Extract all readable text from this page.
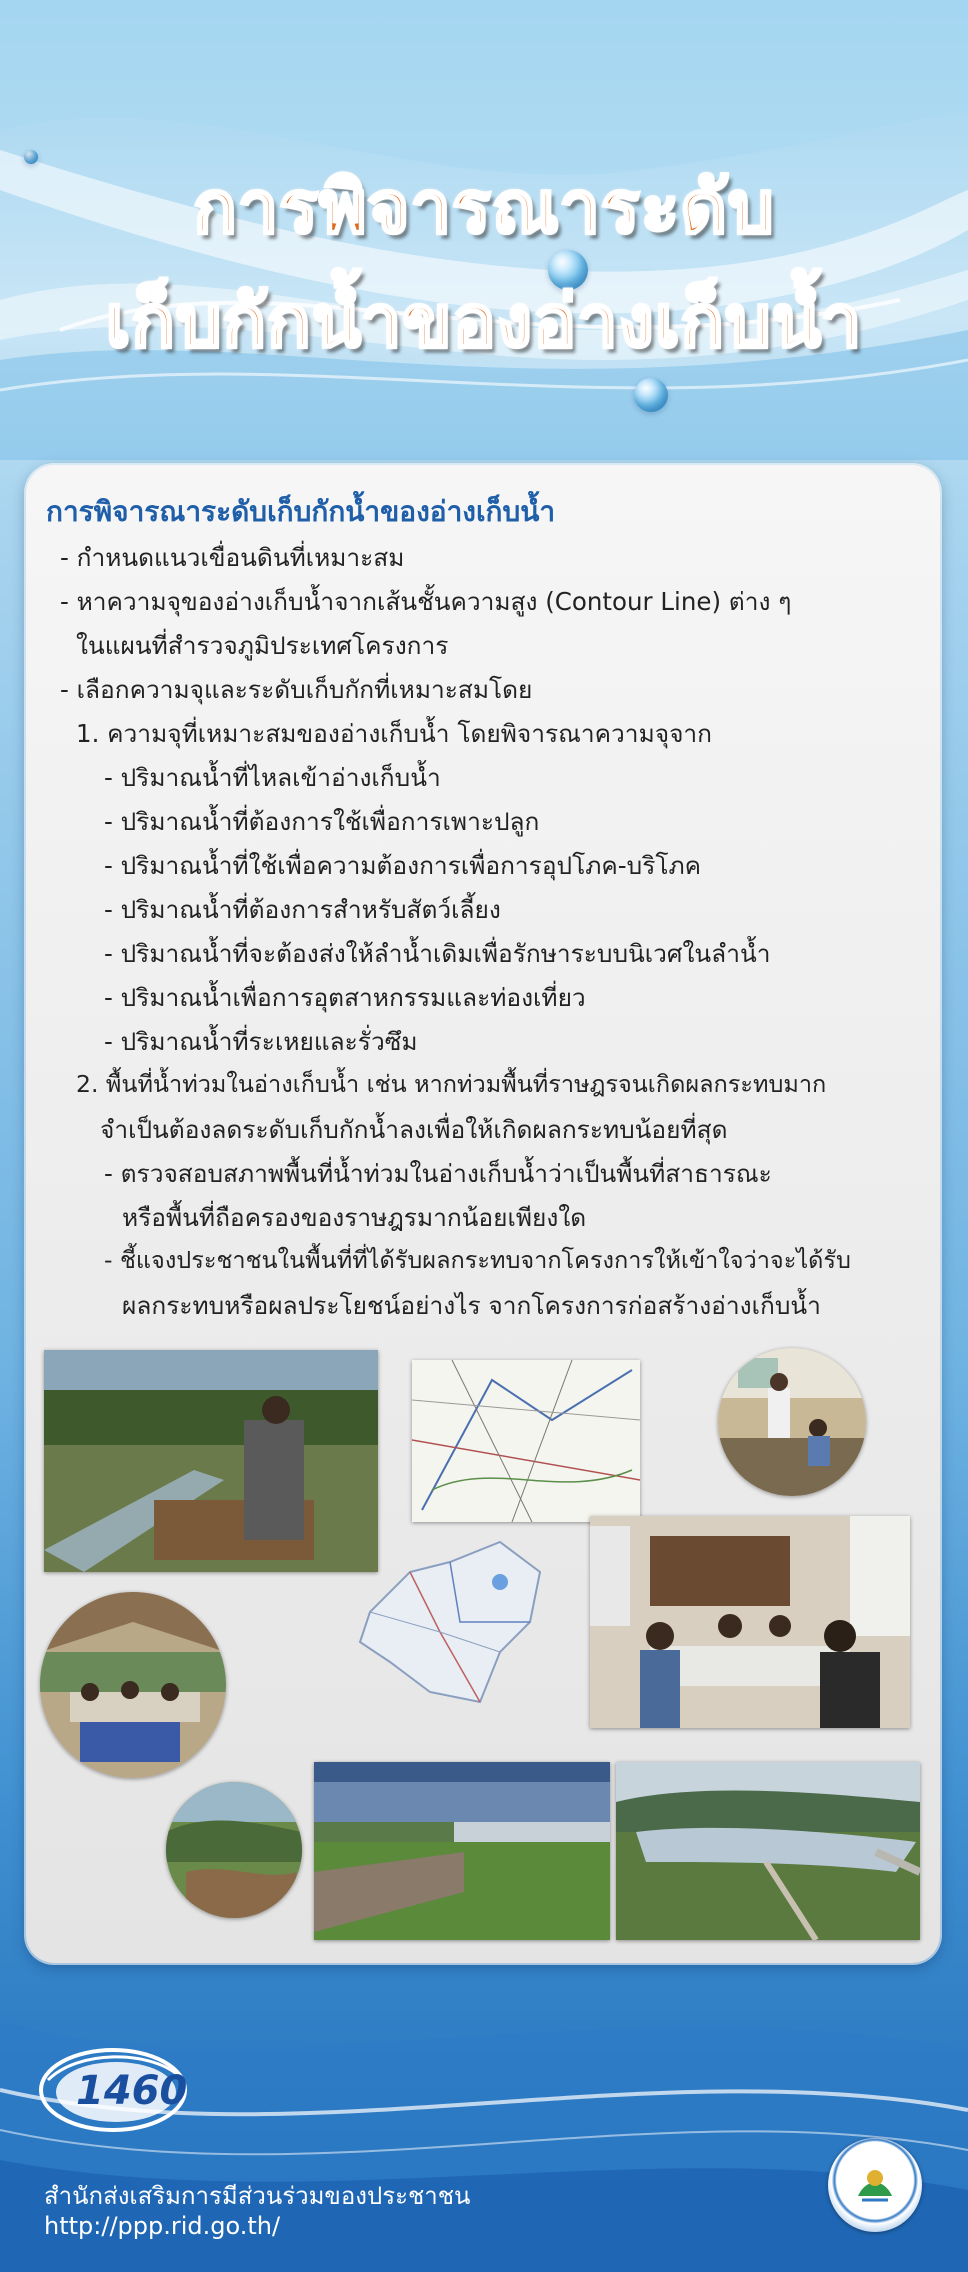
การพิจารณาระดับ
เก็บกักน้ำของอ่างเก็บน้ำ
การพิจารณาระดับเก็บกักน้ำของอ่างเก็บน้ำ
- กำหนดแนวเขื่อนดินที่เหมาะสม
- หาความจุของอ่างเก็บน้ำจากเส้นชั้นความสูง (Contour Line) ต่าง ๆ
ในแผนที่สำรวจภูมิประเทศโครงการ
- เลือกความจุและระดับเก็บกักที่เหมาะสมโดย
1. ความจุที่เหมาะสมของอ่างเก็บน้ำ โดยพิจารณาความจุจาก
- ปริมาณน้ำที่ไหลเข้าอ่างเก็บน้ำ
- ปริมาณน้ำที่ต้องการใช้เพื่อการเพาะปลูก
- ปริมาณน้ำที่ใช้เพื่อความต้องการเพื่อการอุปโภค-บริโภค
- ปริมาณน้ำที่ต้องการสำหรับสัตว์เลี้ยง
- ปริมาณน้ำที่จะต้องส่งให้ลำน้ำเดิมเพื่อรักษาระบบนิเวศในลำน้ำ
- ปริมาณน้ำเพื่อการอุตสาหกรรมและท่องเที่ยว
- ปริมาณน้ำที่ระเหยและรั่วซึม
2. พื้นที่น้ำท่วมในอ่างเก็บน้ำ เช่น หากท่วมพื้นที่ราษฎรจนเกิดผลกระทบมาก
จำเป็นต้องลดระดับเก็บกักน้ำลงเพื่อให้เกิดผลกระทบน้อยที่สุด
- ตรวจสอบสภาพพื้นที่น้ำท่วมในอ่างเก็บน้ำว่าเป็นพื้นที่สาธารณะ
หรือพื้นที่ถือครองของราษฎรมากน้อยเพียงใด
- ชี้แจงประชาชนในพื้นที่ที่ได้รับผลกระทบจากโครงการให้เข้าใจว่าจะได้รับ
ผลกระทบหรือผลประโยชน์อย่างไร จากโครงการก่อสร้างอ่างเก็บน้ำ
1460
สำนักส่งเสริมการมีส่วนร่วมของประชาชน
http://ppp.rid.go.th/
